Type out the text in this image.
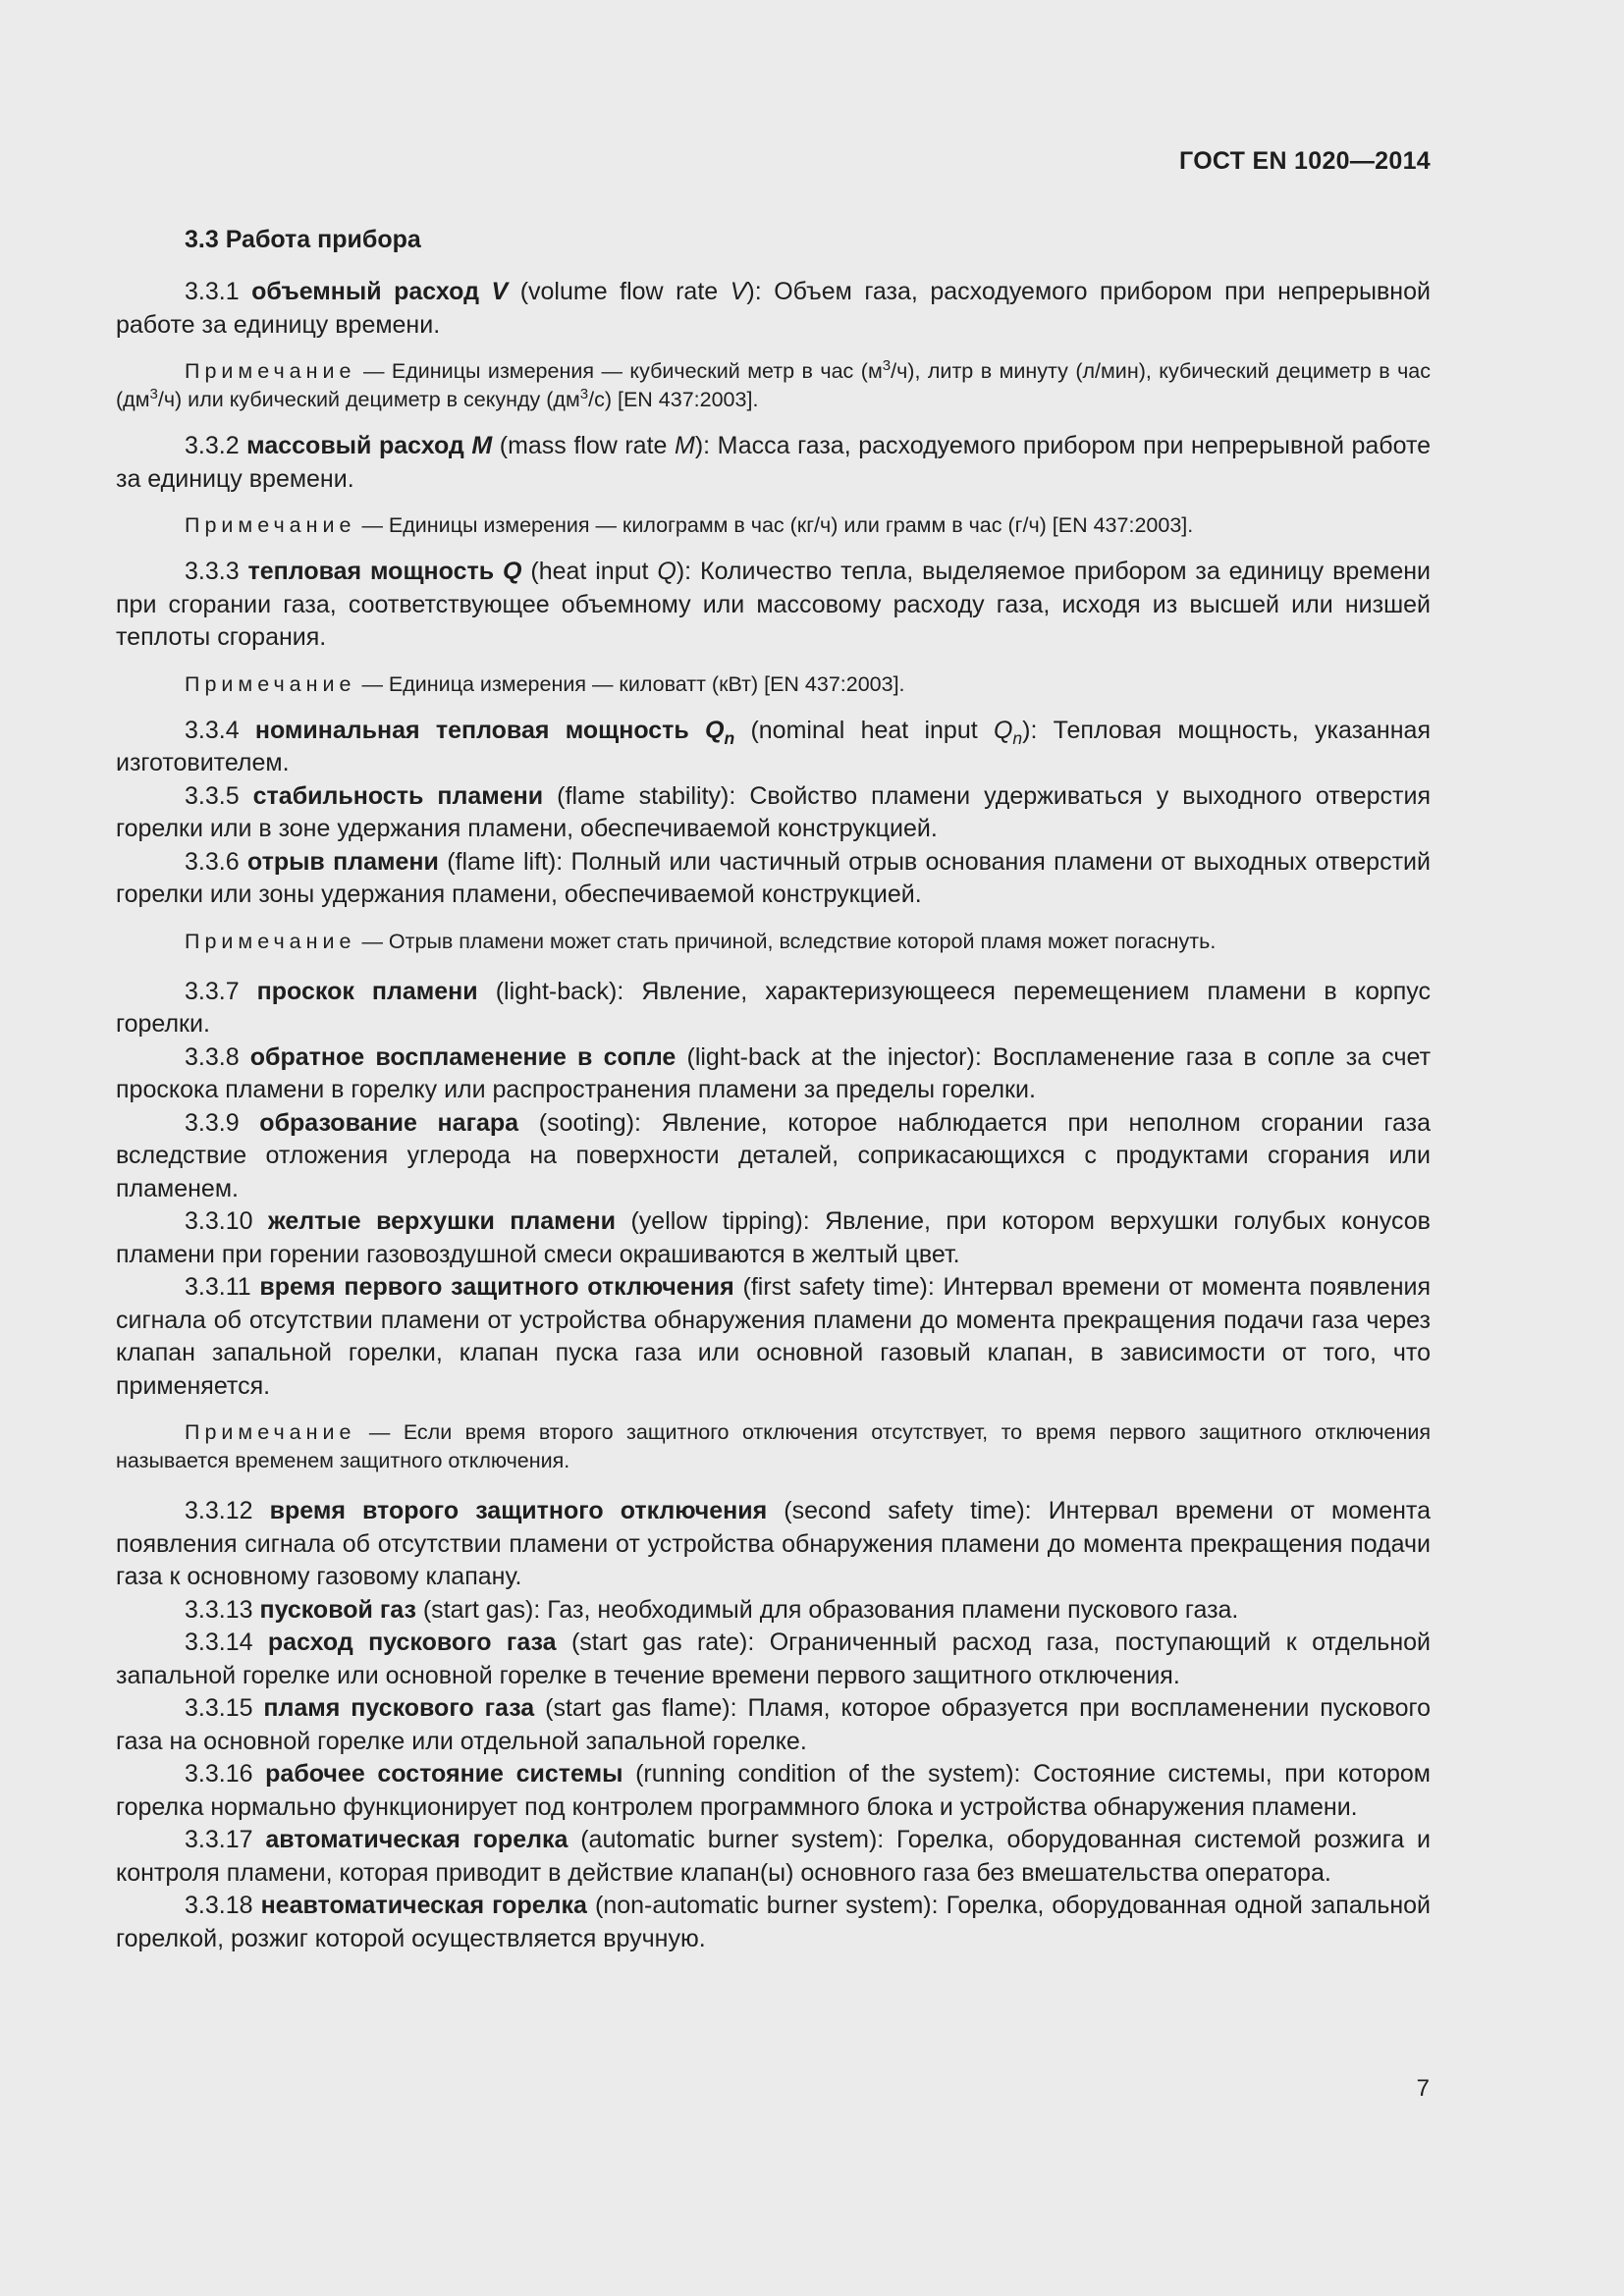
ГОСТ EN 1020—2014

3.3 Работа прибора

3.3.1 объемный расход V (volume flow rate V): Объем газа, расходуемого прибором при непрерывной работе за единицу времени.

Примечание — Единицы измерения — кубический метр в час $(м^3/ч)$, литр в минуту (л/мин), кубический дециметр в час $(дм^3/ч)$ или кубический дециметр в секунду $(дм^3/с)$ [EN 437:2003].

3.3.2 массовый расход M (mass flow rate M): Масса газа, расходуемого прибором при непрерывной работе за единицу времени.

Примечание — Единицы измерения — килограмм в час (кг/ч) или грамм в час (г/ч) [EN 437:2003].

3.3.3 тепловая мощность Q (heat input Q): Количество тепла, выделяемое прибором за единицу времени при сгорании газа, соответствующее объемному или массовому расходу газа, исходя из высшей или низшей теплоты сгорания.

Примечание — Единица измерения — киловатт (кВт) [EN 437:2003].

3.3.4 номинальная тепловая мощность $Q_n$ (nominal heat input $Q_n$): Тепловая мощность, указанная изготовителем.

3.3.5 стабильность пламени (flame stability): Свойство пламени удерживаться у выходного отверстия горелки или в зоне удержания пламени, обеспечиваемой конструкцией.

3.3.6 отрыв пламени (flame lift): Полный или частичный отрыв основания пламени от выходных отверстий горелки или зоны удержания пламени, обеспечиваемой конструкцией.

Примечание — Отрыв пламени может стать причиной, вследствие которой пламя может погаснуть.

3.3.7 проскок пламени (light-back): Явление, характеризующееся перемещением пламени в корпус горелки.

3.3.8 обратное воспламенение в сопле (light-back at the injector): Воспламенение газа в сопле за счет проскока пламени в горелку или распространения пламени за пределы горелки.

3.3.9 образование нагара (sooting): Явление, которое наблюдается при неполном сгорании газа вследствие отложения углерода на поверхности деталей, соприкасающихся с продуктами сгорания или пламенем.

3.3.10 желтые верхушки пламени (yellow tipping): Явление, при котором верхушки голубых конусов пламени при горении газовоздушной смеси окрашиваются в желтый цвет.

3.3.11 время первого защитного отключения (first safety time): Интервал времени от момента появления сигнала об отсутствии пламени от устройства обнаружения пламени до момента прекращения подачи газа через клапан запальной горелки, клапан пуска газа или основной газовый клапан, в зависимости от того, что применяется.

Примечание — Если время второго защитного отключения отсутствует, то время первого защитного отключения называется временем защитного отключения.

3.3.12 время второго защитного отключения (second safety time): Интервал времени от момента появления сигнала об отсутствии пламени от устройства обнаружения пламени до момента прекращения подачи газа к основному газовому клапану.

3.3.13 пусковой газ (start gas): Газ, необходимый для образования пламени пускового газа.

3.3.14 расход пускового газа (start gas rate): Ограниченный расход газа, поступающий к отдельной запальной горелке или основной горелке в течение времени первого защитного отключения.

3.3.15 пламя пускового газа (start gas flame): Пламя, которое образуется при воспламенении пускового газа на основной горелке или отдельной запальной горелке.

3.3.16 рабочее состояние системы (running condition of the system): Состояние системы, при котором горелка нормально функционирует под контролем программного блока и устройства обнаружения пламени.

3.3.17 автоматическая горелка (automatic burner system): Горелка, оборудованная системой розжига и контроля пламени, которая приводит в действие клапан(ы) основного газа без вмешательства оператора.

3.3.18 неавтоматическая горелка (non-automatic burner system): Горелка, оборудованная одной запальной горелкой, розжиг которой осуществляется вручную.

7
